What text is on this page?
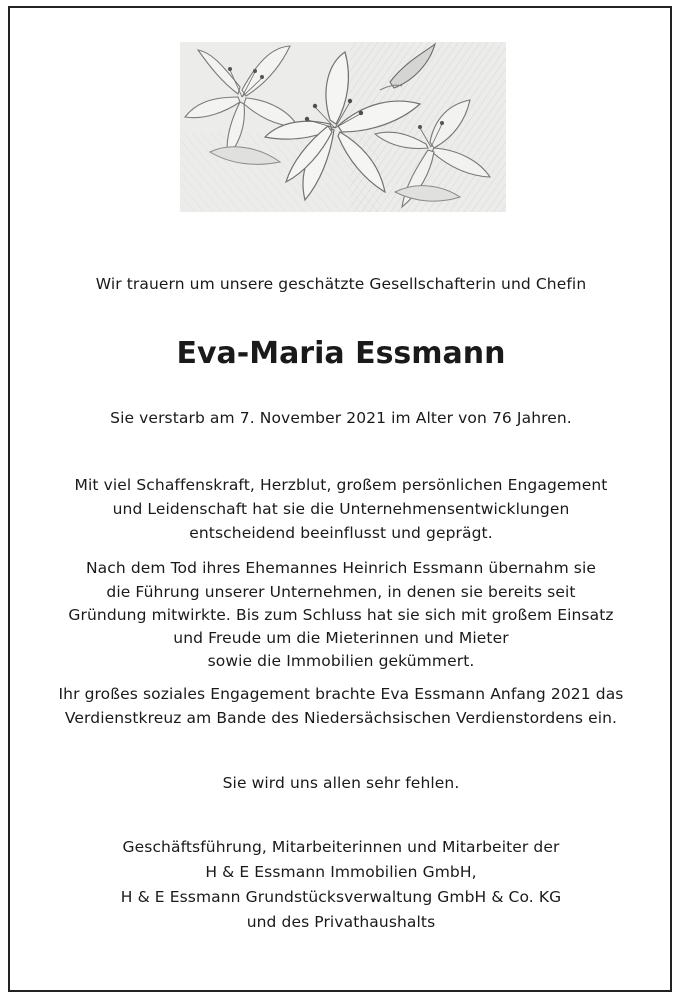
Wir trauern um unsere geschätzte Gesellschafterin und Chefin
Eva-Maria Essmann
Sie verstarb am 7. November 2021 im Alter von 76 Jahren.
Mit viel Schaffenskraft, Herzblut, großem persönlichen Engagement
und Leidenschaft hat sie die Unternehmensentwicklungen
entscheidend beeinflusst und geprägt.
Nach dem Tod ihres Ehemannes Heinrich Essmann übernahm sie
die Führung unserer Unternehmen, in denen sie bereits seit
Gründung mitwirkte. Bis zum Schluss hat sie sich mit großem Einsatz
und Freude um die Mieterinnen und Mieter
sowie die Immobilien gekümmert.
Ihr großes soziales Engagement brachte Eva Essmann Anfang 2021 das
Verdienstkreuz am Bande des Niedersächsischen Verdienstordens ein.
Sie wird uns allen sehr fehlen.
Geschäftsführung, Mitarbeiterinnen und Mitarbeiter der
H & E Essmann Immobilien GmbH,
H & E Essmann Grundstücksverwaltung GmbH & Co. KG
und des Privathaushalts
